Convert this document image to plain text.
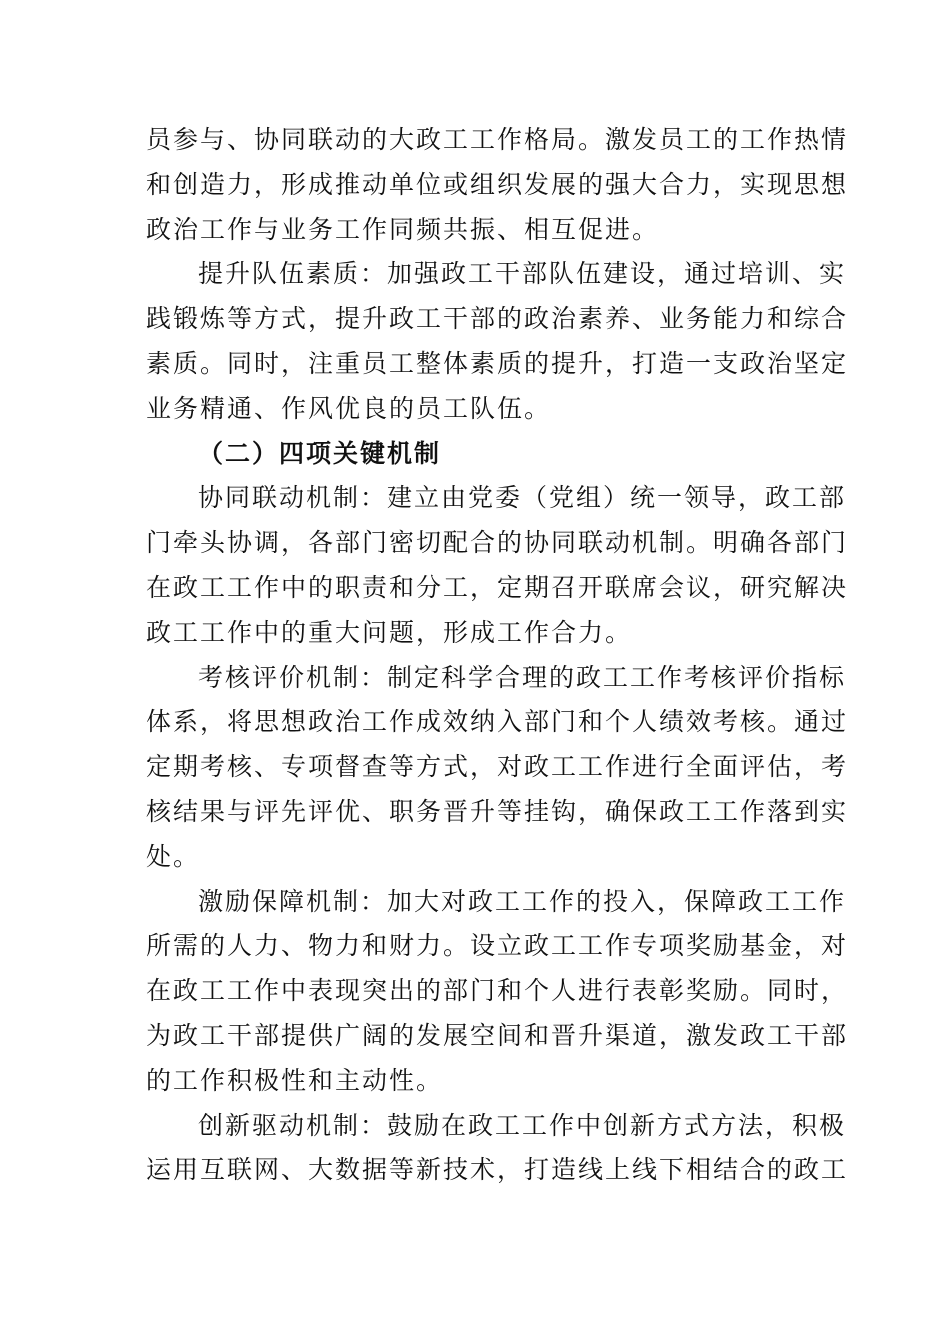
员参与、协同联动的大政工工作格局。激发员工的工作热情
和创造力，形成推动单位或组织发展的强大合力，实现思想
政治工作与业务工作同频共振、相互促进。
提升队伍素质：加强政工干部队伍建设，通过培训、实
践锻炼等方式，提升政工干部的政治素养、业务能力和综合
素质。同时，注重员工整体素质的提升，打造一支政治坚定
业务精通、作风优良的员工队伍。
（二）四项关键机制
协同联动机制：建立由党委（党组）统一领导，政工部
门牵头协调，各部门密切配合的协同联动机制。明确各部门
在政工工作中的职责和分工，定期召开联席会议，研究解决
政工工作中的重大问题，形成工作合力。
考核评价机制：制定科学合理的政工工作考核评价指标
体系，将思想政治工作成效纳入部门和个人绩效考核。通过
定期考核、专项督查等方式，对政工工作进行全面评估，考
核结果与评先评优、职务晋升等挂钩，确保政工工作落到实
处。
激励保障机制：加大对政工工作的投入，保障政工工作
所需的人力、物力和财力。设立政工工作专项奖励基金，对
在政工工作中表现突出的部门和个人进行表彰奖励。同时，
为政工干部提供广阔的发展空间和晋升渠道，激发政工干部
的工作积极性和主动性。
创新驱动机制：鼓励在政工工作中创新方式方法，积极
运用互联网、大数据等新技术，打造线上线下相结合的政工
